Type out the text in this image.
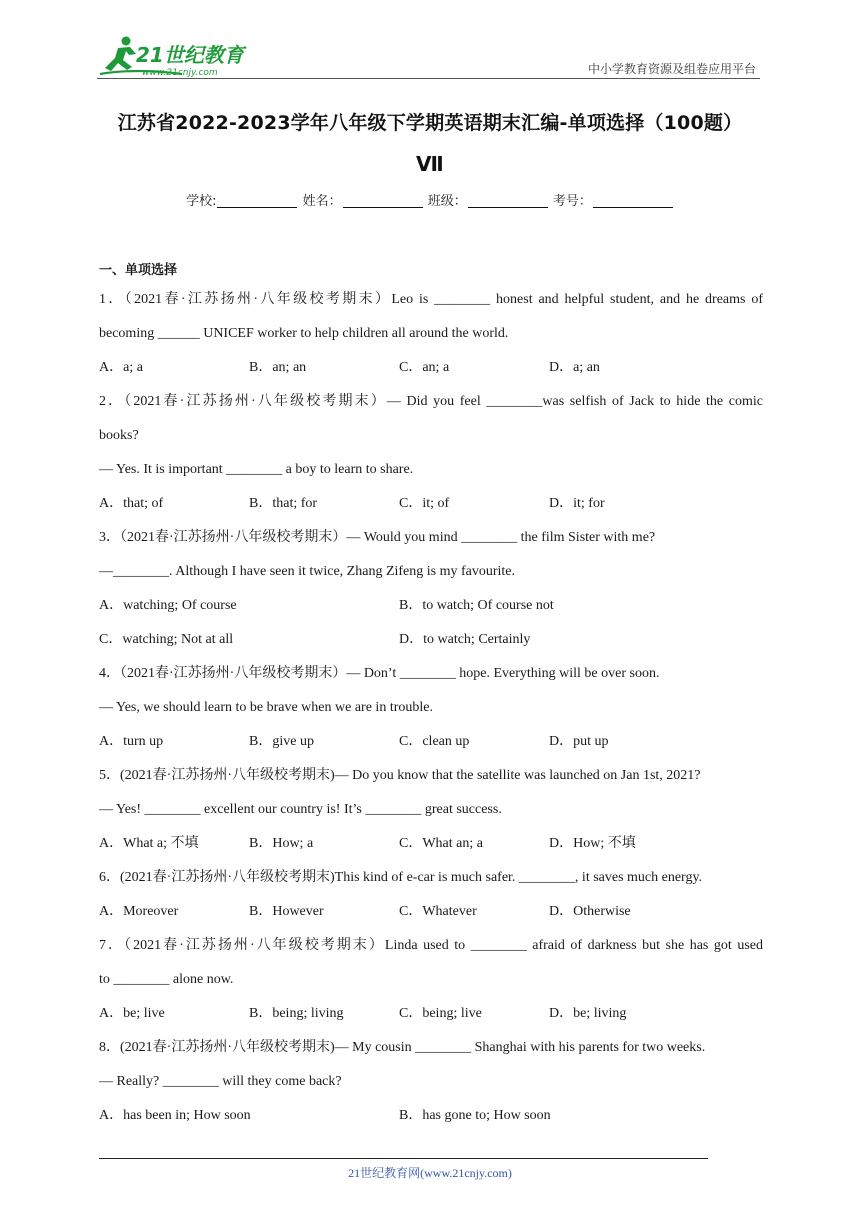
21世纪教育
www.21cnjy.com	中小学教育资源及组卷应用平台
江苏省2022-2023学年八年级下学期英语期末汇编-单项选择（100题）
Ⅶ
学校:	姓名：	班级：	考号：
一、单项选择
1．（2021春·江苏扬州·八年级校考期末）Leo is ________ honest and helpful student, and he dreams of
becoming ______ UNICEF worker to help children all around the world.
A．a; a	B．an; an	C．an; a	D．a; an
2．（2021春·江苏扬州·八年级校考期末）— Did you feel ________was selfish of Jack to hide the comic
books?
— Yes. It is important ________ a boy to learn to share.
A．that; of	B．that; for	C．it; of	D．it; for
3．（2021春·江苏扬州·八年级校考期末）— Would you mind ________ the film Sister with me?
—________. Although I have seen it twice, Zhang Zifeng is my favourite.
A．watching; Of course	B．to watch; Of course not
C．watching; Not at all	D．to watch; Certainly
4．（2021春·江苏扬州·八年级校考期末）— Don’t ________ hope. Everything will be over soon.
— Yes, we should learn to be brave when we are in trouble.
A．turn up	B．give up	C．clean up	D．put up
5．(2021春·江苏扬州·八年级校考期末)— Do you know that the satellite was launched on Jan 1st, 2021?
— Yes! ________ excellent our country is! It’s ________ great success.
A．What a; 不填	B．How; a	C．What an; a	D．How; 不填
6．(2021春·江苏扬州·八年级校考期末)This kind of e-car is much safer. ________, it saves much energy.
A．Moreover	B．However	C．Whatever	D．Otherwise
7．（2021春·江苏扬州·八年级校考期末）Linda used to ________ afraid of darkness but she has got used
to ________ alone now.
A．be; live	B．being; living	C．being; live	D．be; living
8．(2021春·江苏扬州·八年级校考期末)— My cousin ________ Shanghai with his parents for two weeks.
— Really? ________ will they come back?
A．has been in; How soon	B．has gone to; How soon
21世纪教育网(www.21cnjy.com)
